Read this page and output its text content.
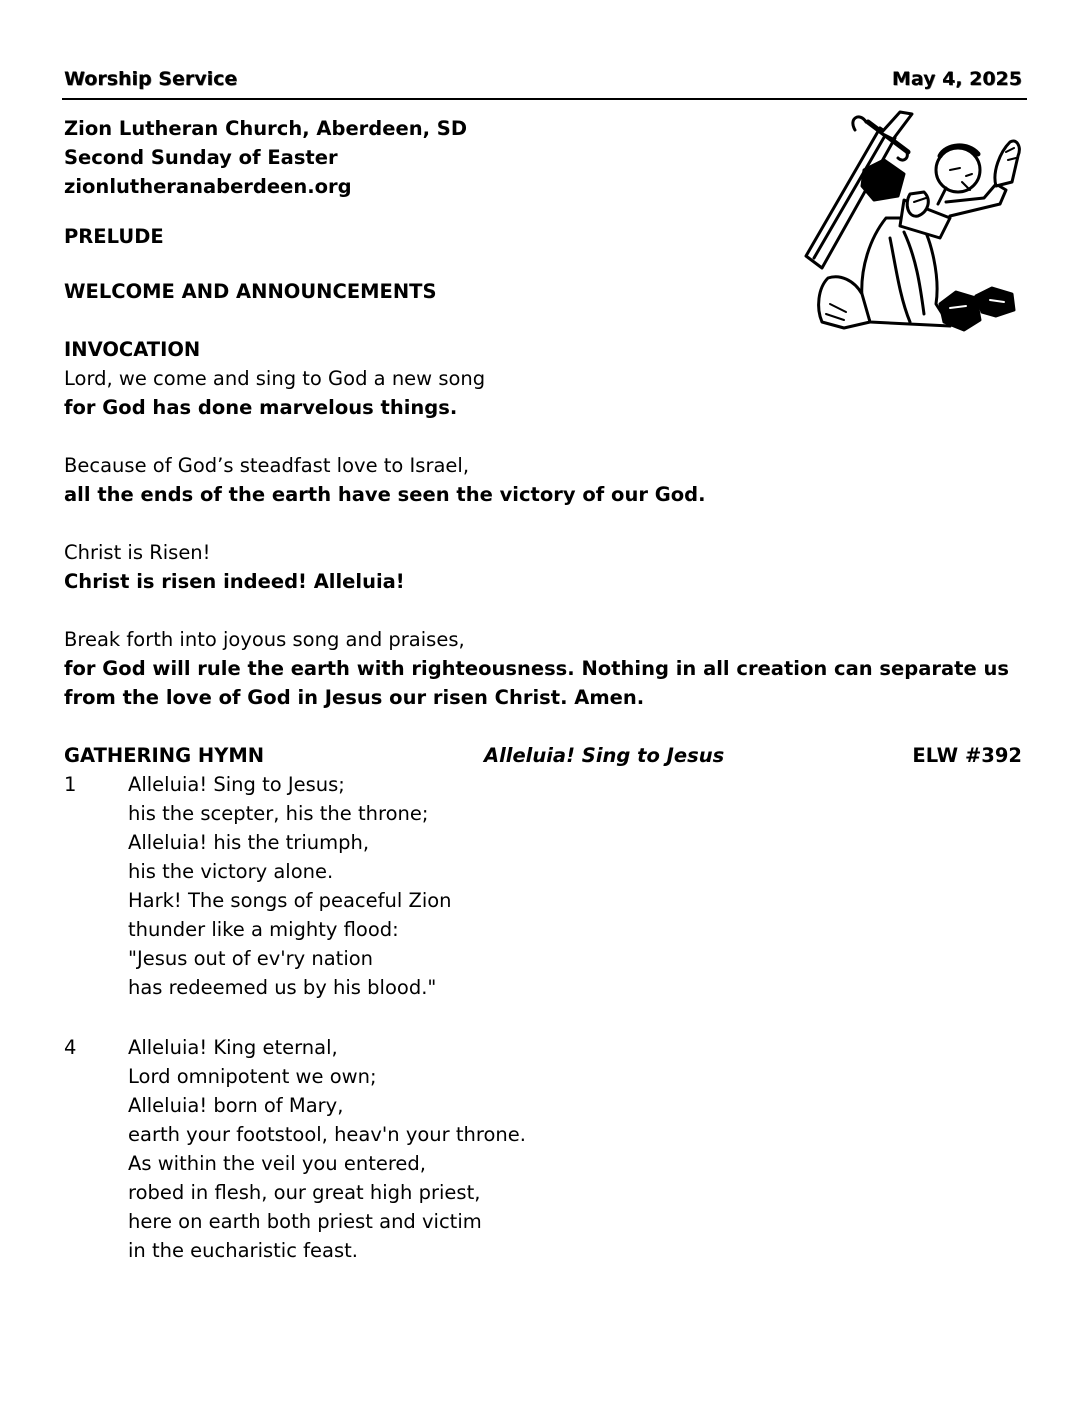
Worship Service	May 4, 2025
Zion Lutheran Church, Aberdeen, SD
Second Sunday of Easter
zionlutheranaberdeen.org
PRELUDE
WELCOME AND ANNOUNCEMENTS
INVOCATION
Lord, we come and sing to God a new song
for God has done marvelous things.
Because of God’s steadfast love to Israel,
all the ends of the earth have seen the victory of our God.
Christ is Risen!
Christ is risen indeed! Alleluia!
Break forth into joyous song and praises,
for God will rule the earth with righteousness. Nothing in all creation can separate us
from the love of God in Jesus our risen Christ. Amen.
GATHERING HYMN	Alleluia! Sing to Jesus	ELW #392
1	Alleluia! Sing to Jesus;
his the scepter, his the throne;
Alleluia! his the triumph,
his the victory alone.
Hark! The songs of peaceful Zion
thunder like a mighty flood:
"Jesus out of ev'ry nation
has redeemed us by his blood."
4	Alleluia! King eternal,
Lord omnipotent we own;
Alleluia! born of Mary,
earth your footstool, heav'n your throne.
As within the veil you entered,
robed in flesh, our great high priest,
here on earth both priest and victim
in the eucharistic feast.
